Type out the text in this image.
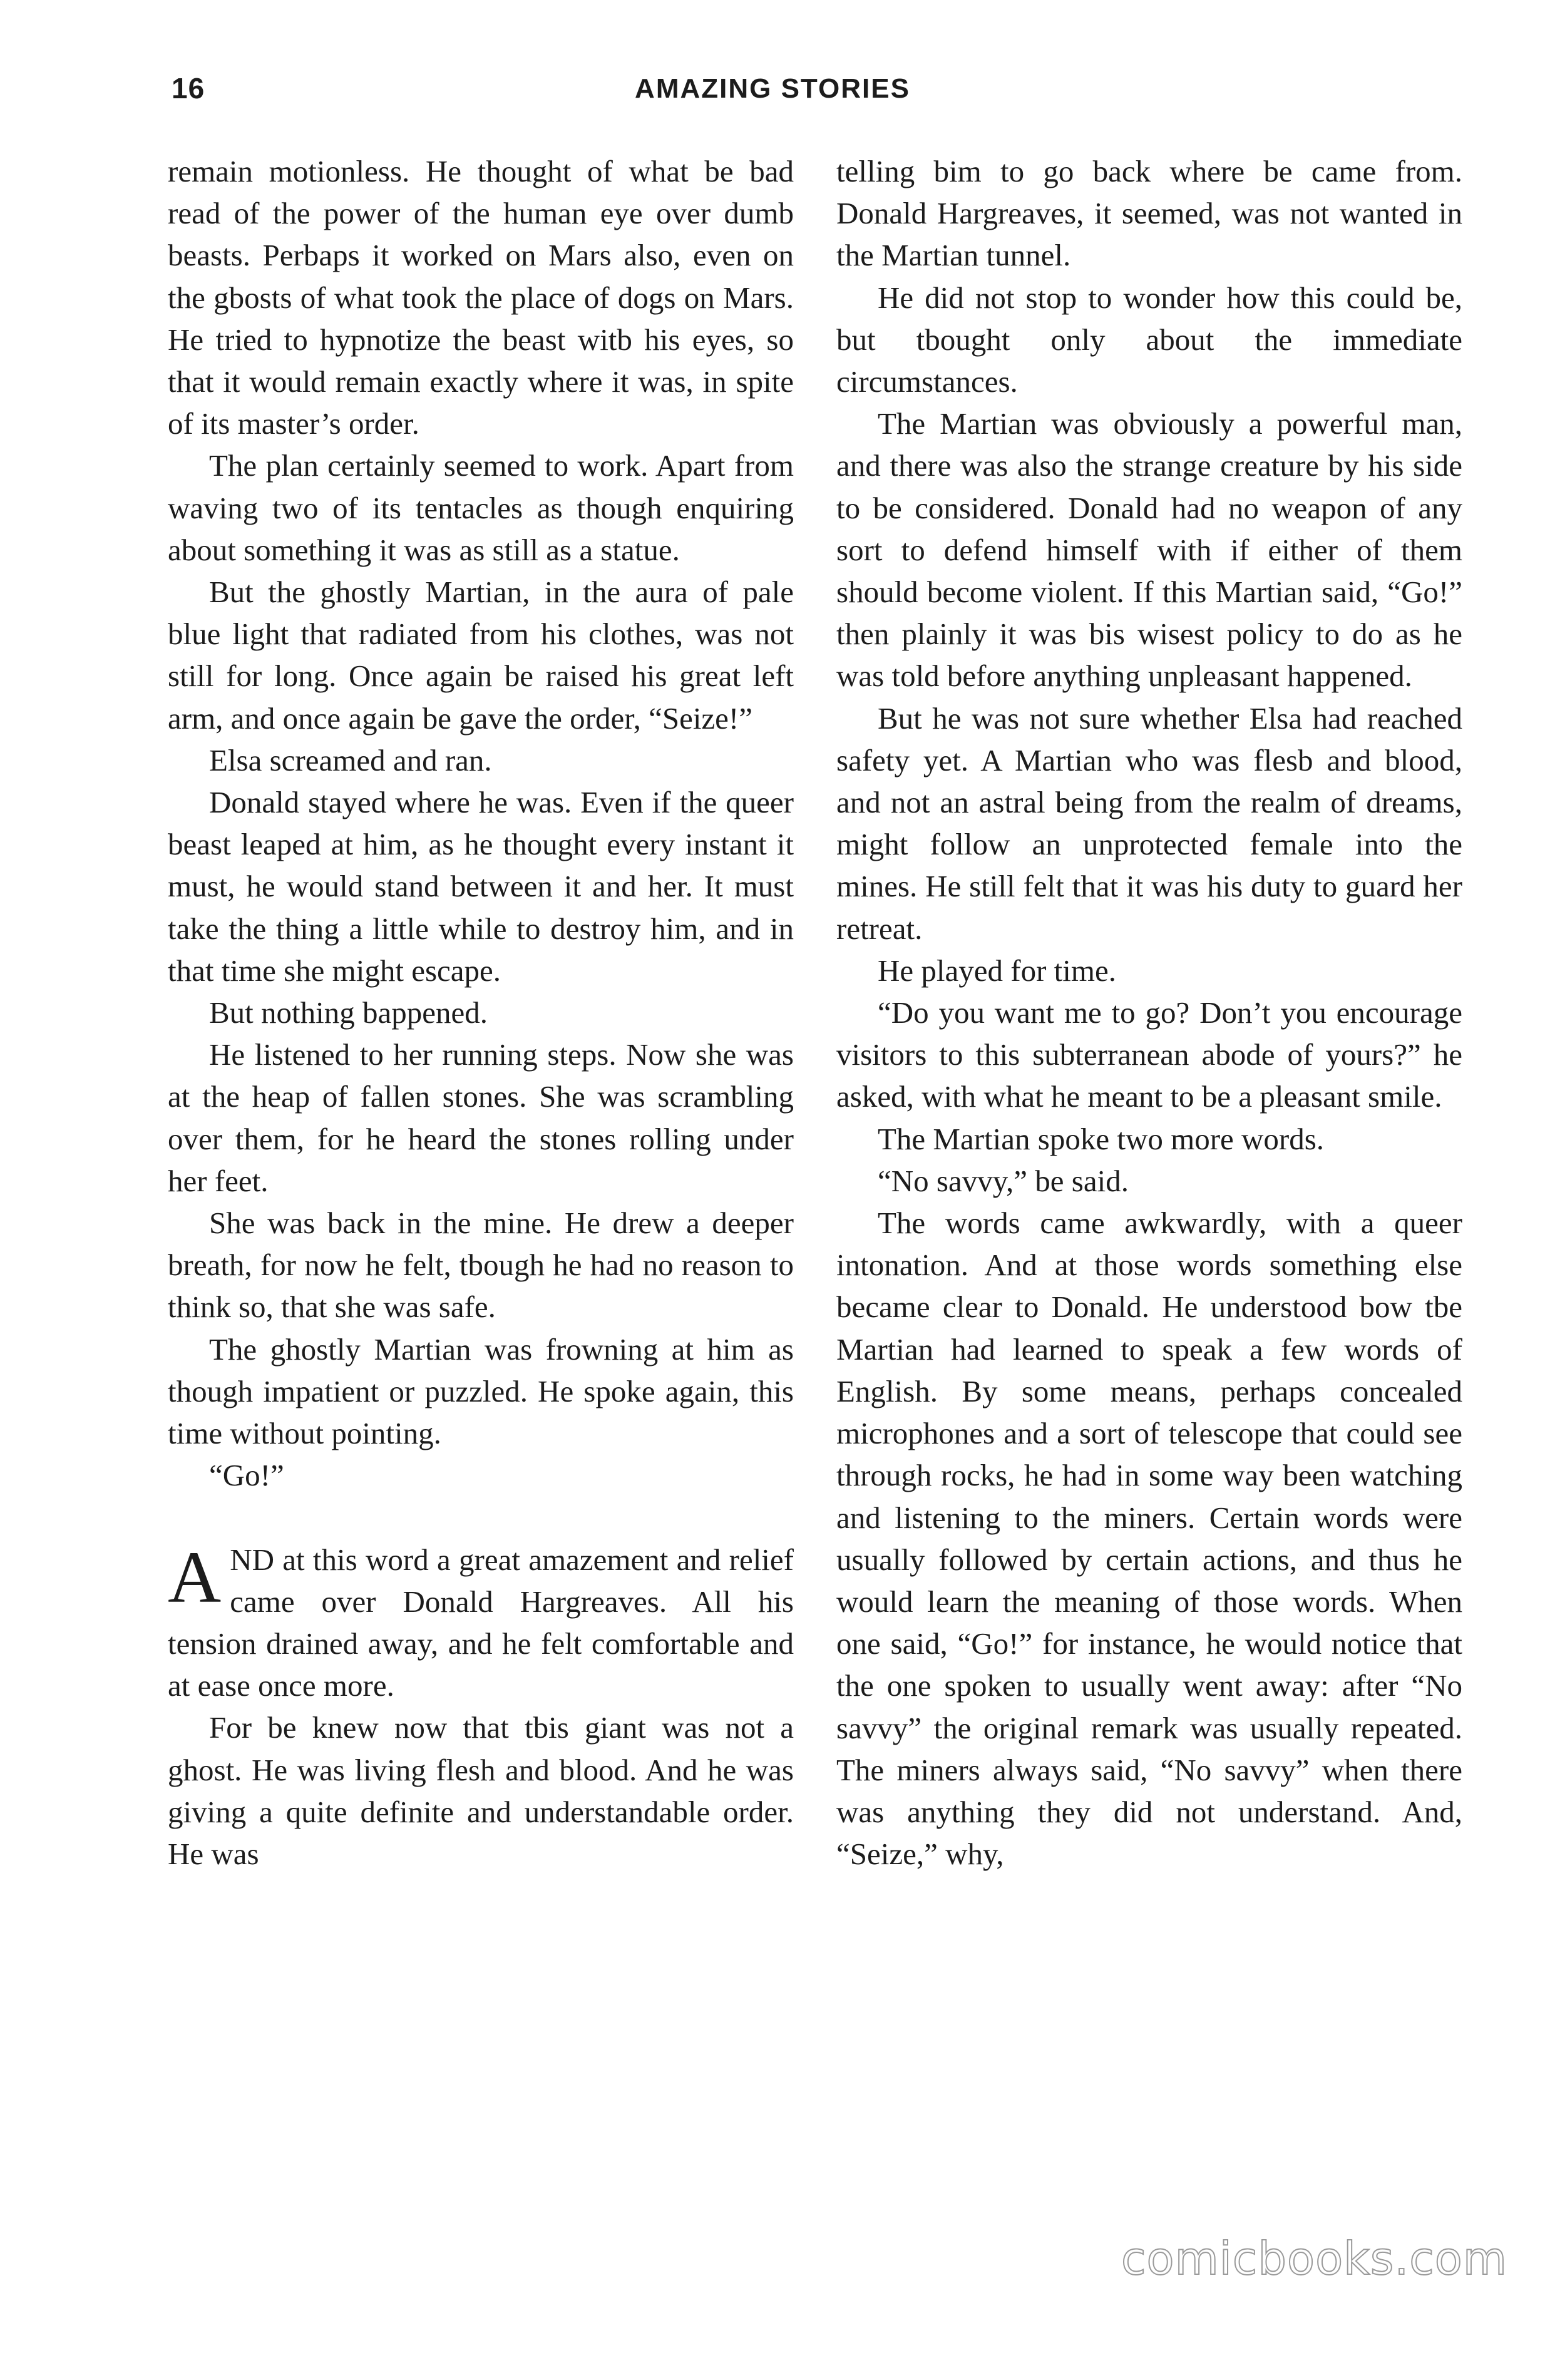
16	AMAZING STORIES

remain motionless. He thought of what be bad read of the power of the human eye over dumb beasts. Perbaps it worked on Mars also, even on the gbosts of what took the place of dogs on Mars. He tried to hypnotize the beast witb his eyes, so that it would remain exactly where it was, in spite of its master’s order.

The plan certainly seemed to work. Apart from waving two of its tentacles as though enquiring about something it was as still as a statue.

But the ghostly Martian, in the aura of pale blue light that radiated from his clothes, was not still for long. Once again be raised his great left arm, and once again be gave the order, “Seize!”

Elsa screamed and ran.

Donald stayed where he was. Even if the queer beast leaped at him, as he thought every instant it must, he would stand between it and her. It must take the thing a little while to destroy him, and in that time she might escape.

But nothing bappened.

He listened to her running steps. Now she was at the heap of fallen stones. She was scrambling over them, for he heard the stones rolling under her feet.

She was back in the mine. He drew a deeper breath, for now he felt, tbough he had no reason to think so, that she was safe.

The ghostly Martian was frowning at him as though impatient or puzzled. He spoke again, this time without pointing.

“Go!”

AND at this word a great amazement and relief came over Donald Hargreaves. All his tension drained away, and he felt comfortable and at ease once more.

For be knew now that tbis giant was not a ghost. He was living flesh and blood. And he was giving a quite definite and understandable order. He was

telling bim to go back where be came from. Donald Hargreaves, it seemed, was not wanted in the Martian tunnel.

He did not stop to wonder how this could be, but tbought only about the immediate circumstances.

The Martian was obviously a powerful man, and there was also the strange creature by his side to be considered. Donald had no weapon of any sort to defend himself with if either of them should become violent. If this Martian said, “Go!” then plainly it was bis wisest policy to do as he was told before anything unpleasant happened.

But he was not sure whether Elsa had reached safety yet. A Martian who was flesb and blood, and not an astral being from the realm of dreams, might follow an unprotected female into the mines. He still felt that it was his duty to guard her retreat.

He played for time.

“Do you want me to go? Don’t you encourage visitors to this subterranean abode of yours?” he asked, with what he meant to be a pleasant smile.

The Martian spoke two more words.

“No savvy,” be said.

The words came awkwardly, with a queer intonation. And at those words something else became clear to Donald. He understood bow tbe Martian had learned to speak a few words of English. By some means, perhaps concealed microphones and a sort of telescope that could see through rocks, he had in some way been watching and listening to the miners. Certain words were usually followed by certain actions, and thus he would learn the meaning of those words. When one said, “Go!” for instance, he would notice that the one spoken to usually went away: after “No savvy” the original remark was usually repeated. The miners always said, “No savvy” when there was anything they did not understand. And, “Seize,” why,

comicbooks.com
